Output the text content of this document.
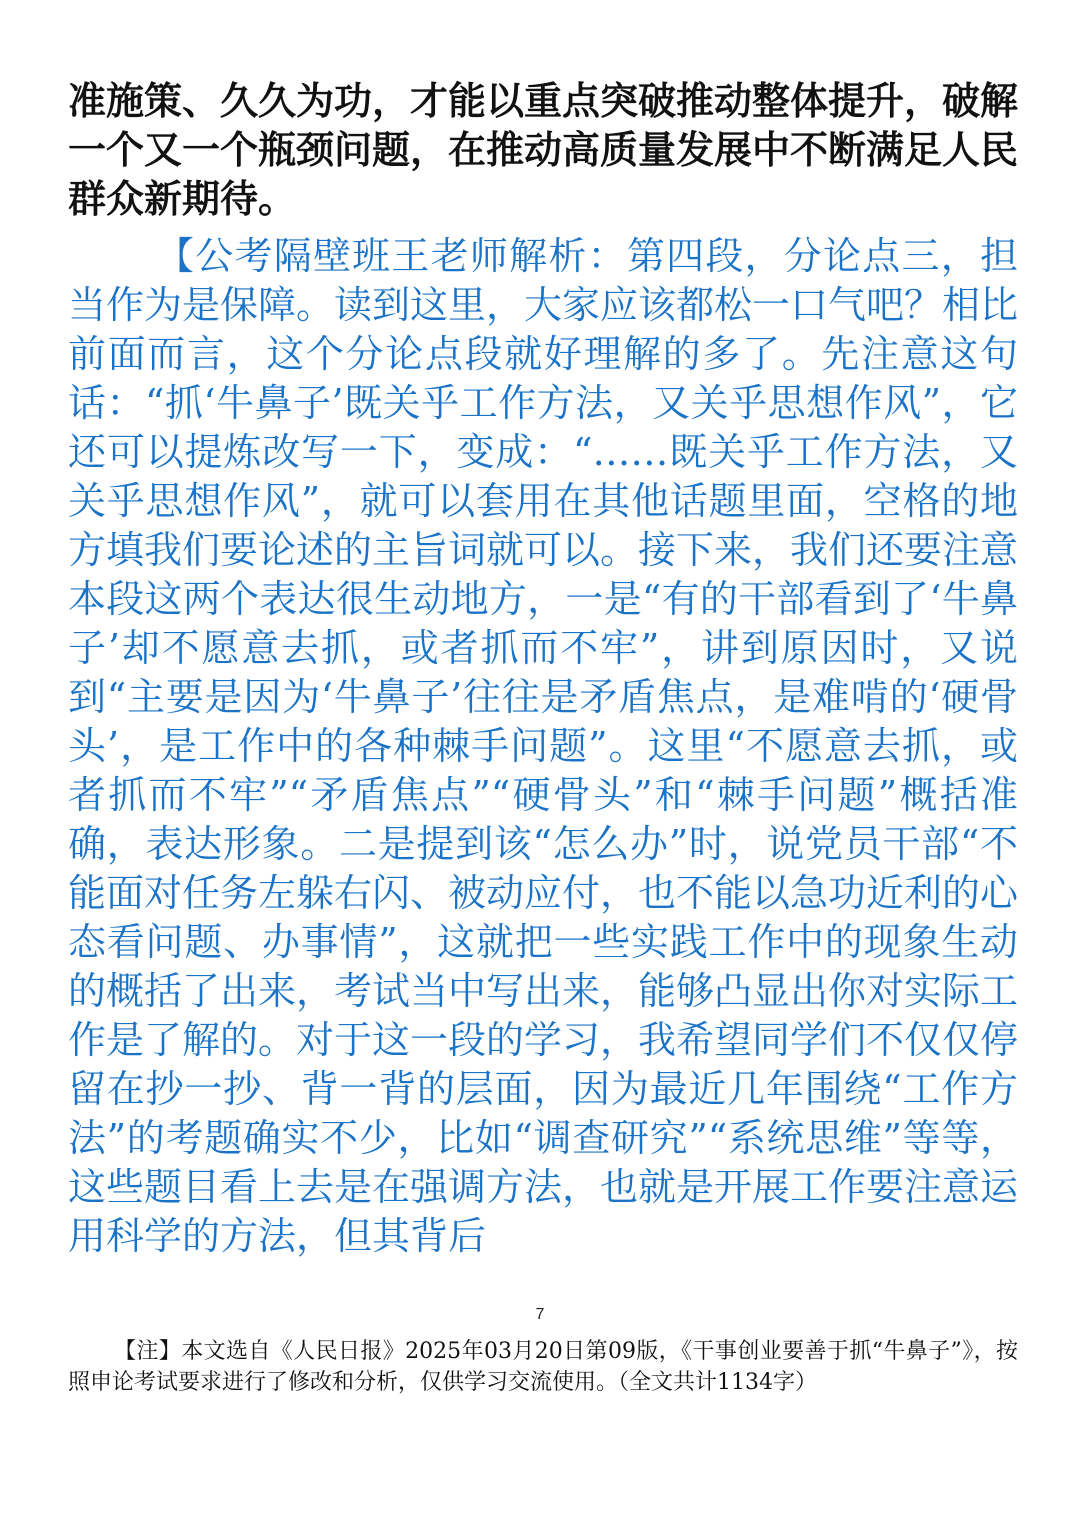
准施策、久久为功，才能以重点突破推动整体提升，破解一个又一个瓶颈问题，在推动高质量发展中不断满足人民群众新期待。

【公考隔壁班王老师解析：第四段，分论点三，担当作为是保障。读到这里，大家应该都松一口气吧？相比前面而言，这个分论点段就好理解的多了。先注意这句话：“抓‘牛鼻子’既关乎工作方法，又关乎思想作风”，它还可以提炼改写一下，变成：“……既关乎工作方法，又关乎思想作风”，就可以套用在其他话题里面，空格的地方填我们要论述的主旨词就可以。接下来，我们还要注意本段这两个表达很生动地方，一是“有的干部看到了‘牛鼻子’却不愿意去抓，或者抓而不牢”，讲到原因时，又说到“主要是因为‘牛鼻子’往往是矛盾焦点，是难啃的‘硬骨头’，是工作中的各种棘手问题”。这里“不愿意去抓，或者抓而不牢”“矛盾焦点”“硬骨头”和“棘手问题”概括准确，表达形象。二是提到该“怎么办”时，说党员干部“不能面对任务左躲右闪、被动应付，也不能以急功近利的心态看问题、办事情”，这就把一些实践工作中的现象生动的概括了出来，考试当中写出来，能够凸显出你对实际工作是了解的。对于这一段的学习，我希望同学们不仅仅停留在抄一抄、背一背的层面，因为最近几年围绕“工作方法”的考题确实不少，比如“调查研究”“系统思维”等等，这些题目看上去是在强调方法，也就是开展工作要注意运用科学的方法，但其背后

7

【注】本文选自《人民日报》2025年03月20日第09版，《干事创业要善于抓“牛鼻子”》，按照申论考试要求进行了修改和分析，仅供学习交流使用。（全文共计1134字）
